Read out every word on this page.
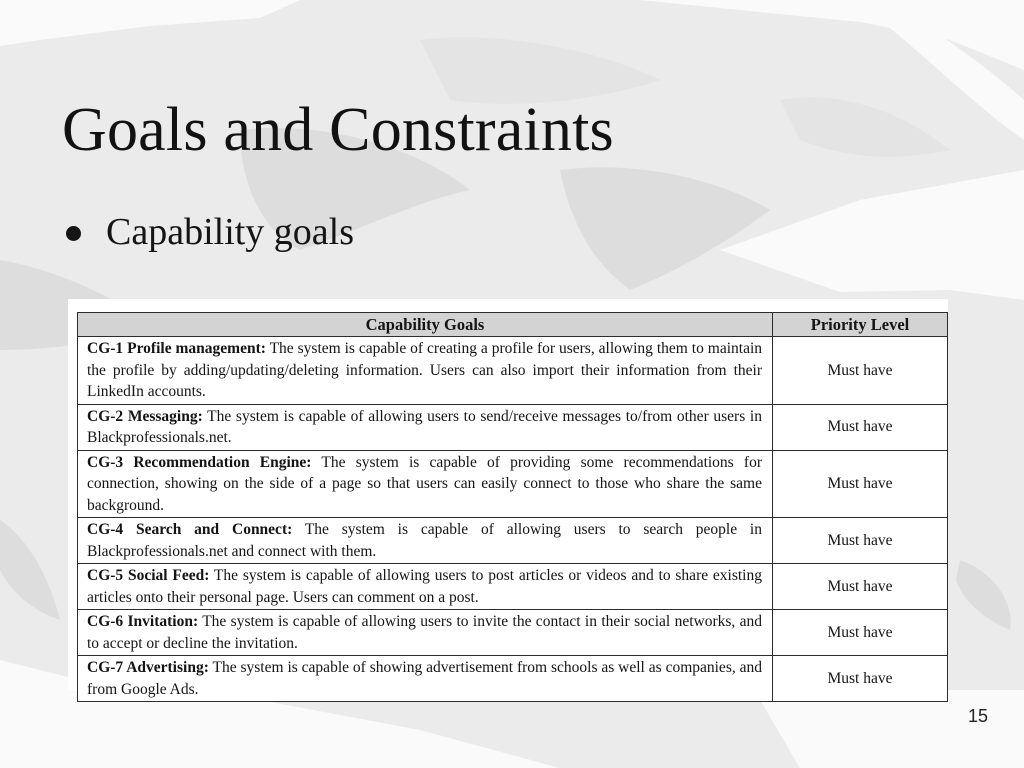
Goals and Constraints
Capability goals
Capability Goals	Priority Level
CG-1 Profile management: The system is capable of creating a profile for users, allowing them to maintain the profile by adding/updating/deleting information. Users can also import their information from their LinkedIn accounts.	Must have
CG-2 Messaging: The system is capable of allowing users to send/receive messages to/from other users in Blackprofessionals.net.	Must have
CG-3 Recommendation Engine: The system is capable of providing some recommendations for connection, showing on the side of a page so that users can easily connect to those who share the same background.	Must have
CG-4 Search and Connect: The system is capable of allowing users to search people in Blackprofessionals.net and connect with them.	Must have
CG-5 Social Feed: The system is capable of allowing users to post articles or videos and to share existing articles onto their personal page. Users can comment on a post.	Must have
CG-6 Invitation: The system is capable of allowing users to invite the contact in their social networks, and to accept or decline the invitation.	Must have
CG-7 Advertising: The system is capable of showing advertisement from schools as well as companies, and from Google Ads.	Must have
15
